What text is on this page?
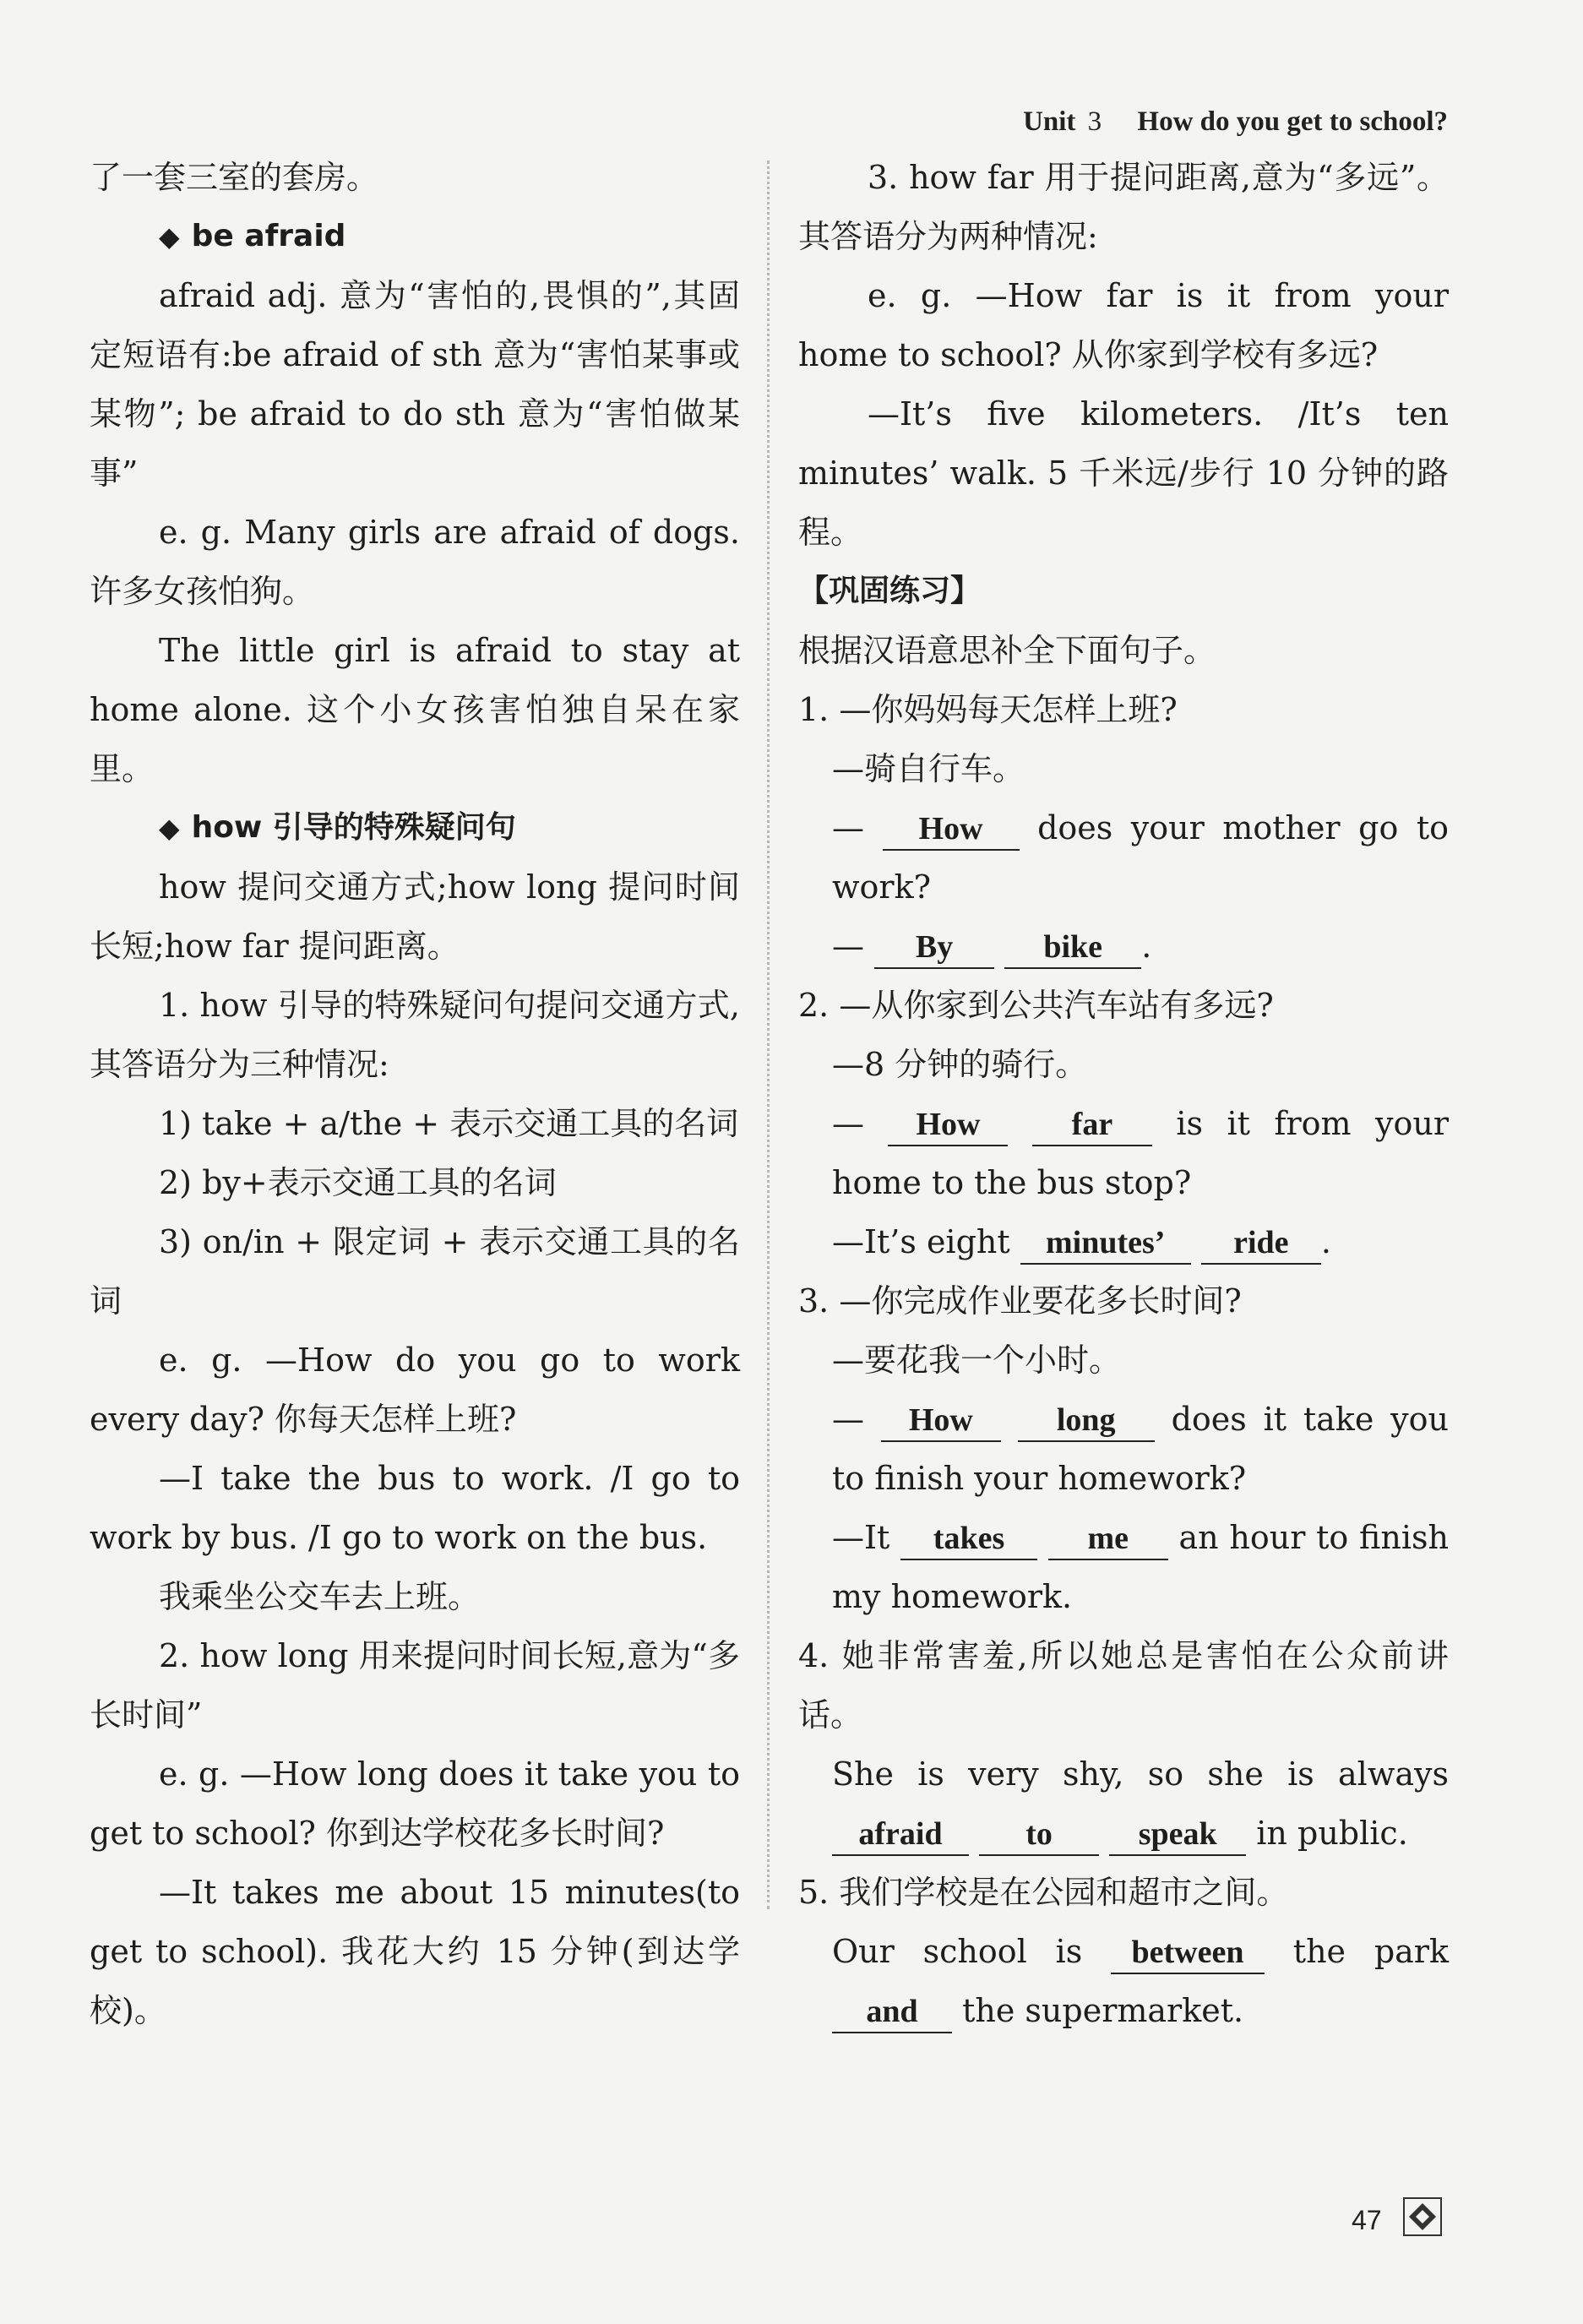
Unit 3 How do you get to school?

了一套三室的套房。

◆ be afraid

afraid adj. 意为“害怕的,畏惧的”,其固定短语有:be afraid of sth 意为“害怕某事或某物”; be afraid to do sth 意为“害怕做某事”

e. g. Many girls are afraid of dogs. 许多女孩怕狗。

The little girl is afraid to stay at home alone. 这个小女孩害怕独自呆在家里。

◆ how 引导的特殊疑问句

how 提问交通方式;how long 提问时间长短;how far 提问距离。

1. how 引导的特殊疑问句提问交通方式,其答语分为三种情况:

1) take + a/the + 表示交通工具的名词

2) by+表示交通工具的名词

3) on/in + 限定词 + 表示交通工具的名词

e. g. —How do you go to work every day? 你每天怎样上班?

—I take the bus to work. /I go to work by bus. /I go to work on the bus.

我乘坐公交车去上班。

2. how long 用来提问时间长短,意为“多长时间”

e. g. —How long does it take you to get to school? 你到达学校花多长时间?

—It takes me about 15 minutes(to get to school). 我花大约 15 分钟(到达学校)。

3. how far 用于提问距离,意为“多远”。其答语分为两种情况:

e. g. —How far is it from your home to school? 从你家到学校有多远?

—It’s five kilometers. /It’s ten minutes’ walk. 5 千米远/步行 10 分钟的路程。

【巩固练习】

根据汉语意思补全下面句子。

1. —你妈妈每天怎样上班?

—骑自行车。

— How does your mother go to work?

— By	bike .

2. —从你家到公共汽车站有多远?

—8 分钟的骑行。

— How	far is it from your home to the bus stop?

—It’s eight minutes’ ride .

3. —你完成作业要花多长时间?

—要花我一个小时。

— How	long does it take you to finish your homework?

—It takes	me an hour to finish my homework.

4. 她非常害羞,所以她总是害怕在公众前讲话。

She is very shy, so she is always afraid	to	speak in public.

5. 我们学校是在公园和超市之间。

Our school is between the park and the supermarket.

47
